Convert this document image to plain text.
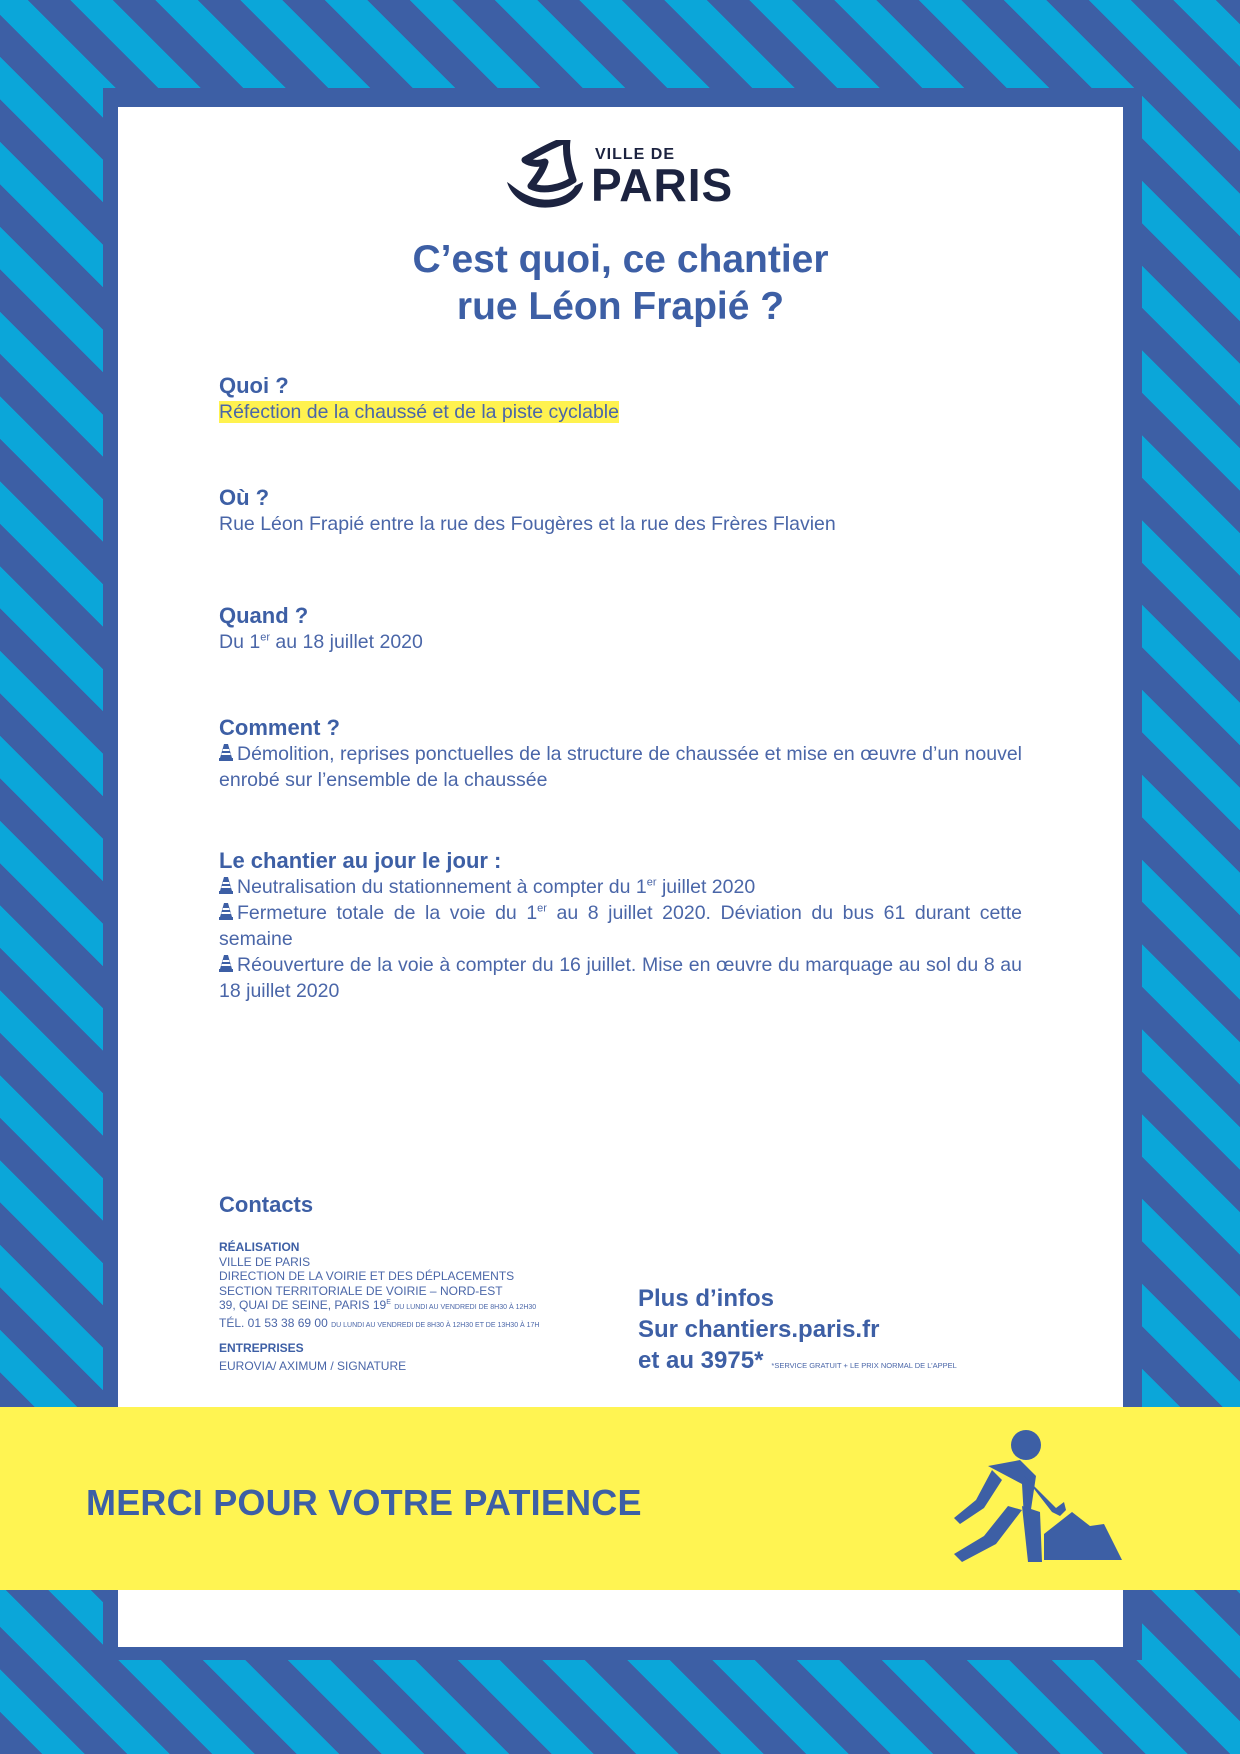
VILLE DE
PARIS
C’est quoi, ce chantier
rue Léon Frapié ?
Quoi ?
Réfection de la chaussé et de la piste cyclable
Où ?
Rue Léon Frapié entre la rue des Fougères et la rue des Frères Flavien
Quand ?
Du 1er au 18 juillet 2020
Comment ?
Démolition, reprises ponctuelles de la structure de chaussée et mise en œuvre d’un nouvel enrobé sur l’ensemble de la chaussée
Le chantier au jour le jour :
Neutralisation du stationnement à compter du 1er juillet 2020
Fermeture totale de la voie du 1er au 8 juillet 2020. Déviation du bus 61 durant cette semaine
Réouverture de la voie à compter du 16 juillet. Mise en œuvre du marquage au sol du 8 au 18 juillet 2020
Contacts
RÉALISATION
VILLE DE PARIS
DIRECTION DE LA VOIRIE ET DES DÉPLACEMENTS
SECTION TERRITORIALE DE VOIRIE – NORD-EST
39, QUAI DE SEINE, PARIS $19^E$ DU LUNDI AU VENDREDI DE 8H30 À 12H30
TÉL. 01 53 38 69 00 DU LUNDI AU VENDREDI DE 8H30 À 12H30 ET DE 13H30 À 17H
ENTREPRISES
EUROVIA/ AXIMUM / SIGNATURE
Plus d’infos
Sur chantiers.paris.fr
et au 3975* *SERVICE GRATUIT + LE PRIX NORMAL DE L’APPEL
MERCI POUR VOTRE PATIENCE
